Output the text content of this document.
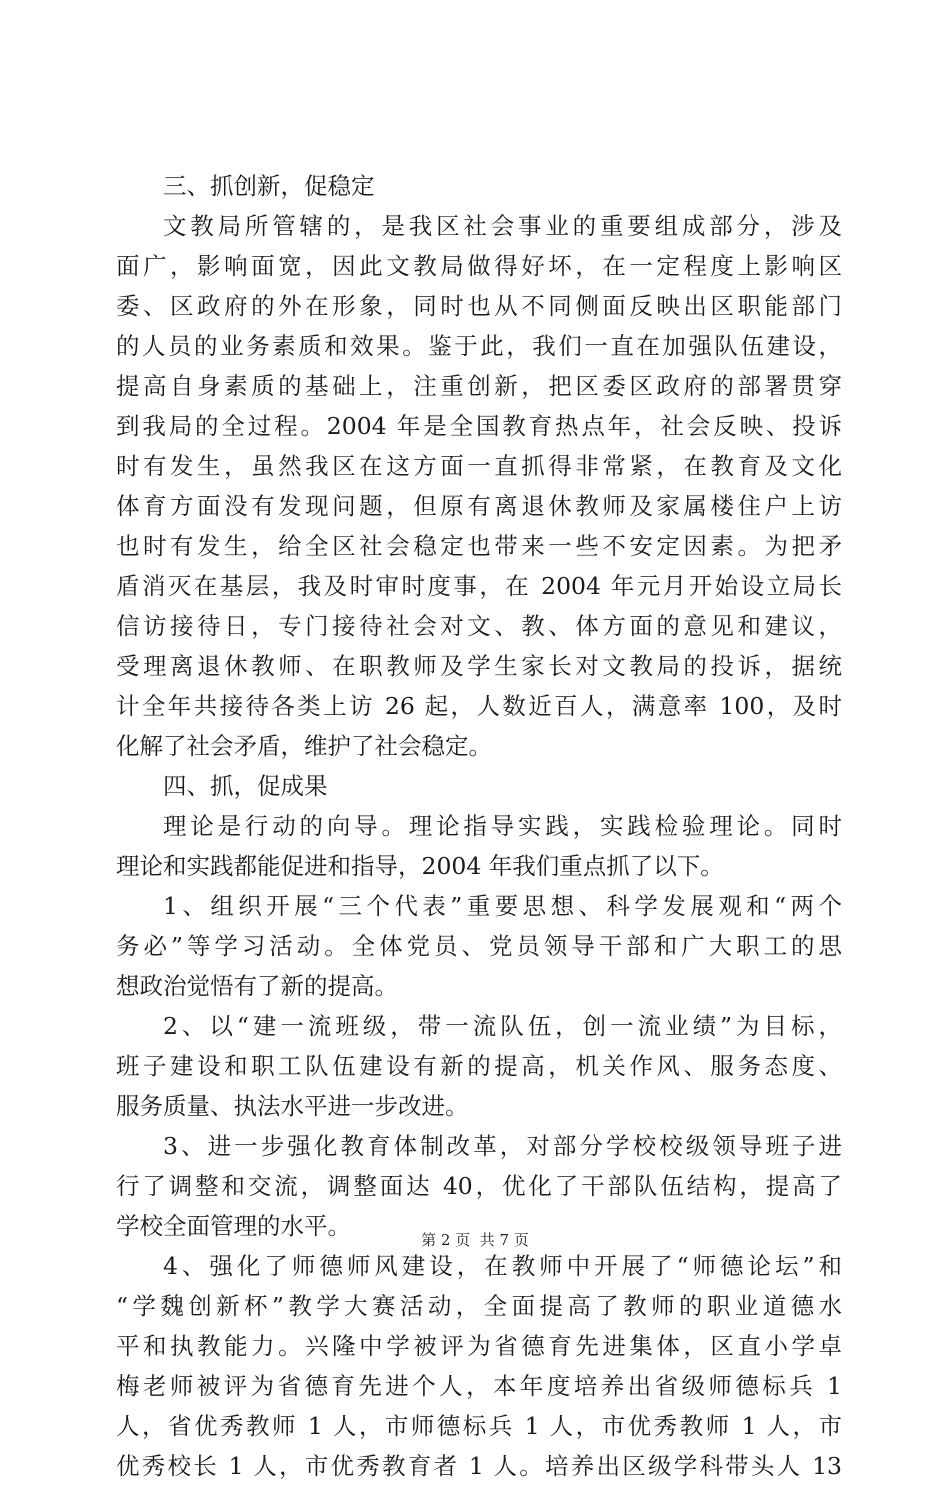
三、抓创新，促稳定
文教局所管辖的，是我区社会事业的重要组成部分，涉及
面广，影响面宽，因此文教局做得好坏，在一定程度上影响区
委、区政府的外在形象，同时也从不同侧面反映出区职能部门
的人员的业务素质和效果。鉴于此，我们一直在加强队伍建设，
提高自身素质的基础上，注重创新，把区委区政府的部署贯穿
到我局的全过程。2004 年是全国教育热点年，社会反映、投诉
时有发生，虽然我区在这方面一直抓得非常紧，在教育及文化
体育方面没有发现问题，但原有离退休教师及家属楼住户上访
也时有发生，给全区社会稳定也带来一些不安定因素。为把矛
盾消灭在基层，我及时审时度事，在 2004 年元月开始设立局长
信访接待日，专门接待社会对文、教、体方面的意见和建议，
受理离退休教师、在职教师及学生家长对文教局的投诉，据统
计全年共接待各类上访 26 起，人数近百人，满意率 100，及时
化解了社会矛盾，维护了社会稳定。
四、抓，促成果
理论是行动的向导。理论指导实践，实践检验理论。同时
理论和实践都能促进和指导，2004 年我们重点抓了以下。
1、组织开展“三个代表”重要思想、科学发展观和“两个
务必”等学习活动。全体党员、党员领导干部和广大职工的思
想政治觉悟有了新的提高。
2、以“建一流班级，带一流队伍，创一流业绩”为目标，
班子建设和职工队伍建设有新的提高，机关作风、服务态度、
服务质量、执法水平进一步改进。
3、进一步强化教育体制改革，对部分学校校级领导班子进
行了调整和交流，调整面达 40，优化了干部队伍结构，提高了
学校全面管理的水平。
4、强化了师德师风建设，在教师中开展了“师德论坛”和
“学魏创新杯”教学大赛活动，全面提高了教师的职业道德水
平和执教能力。兴隆中学被评为省德育先进集体，区直小学卓
梅老师被评为省德育先进个人，本年度培养出省级师德标兵 1
人，省优秀教师 1 人，市师德标兵 1 人，市优秀教师 1 人，市
优秀校长 1 人，市优秀教育者 1 人。培养出区级学科带头人 13
第 2 页  共 7 页
